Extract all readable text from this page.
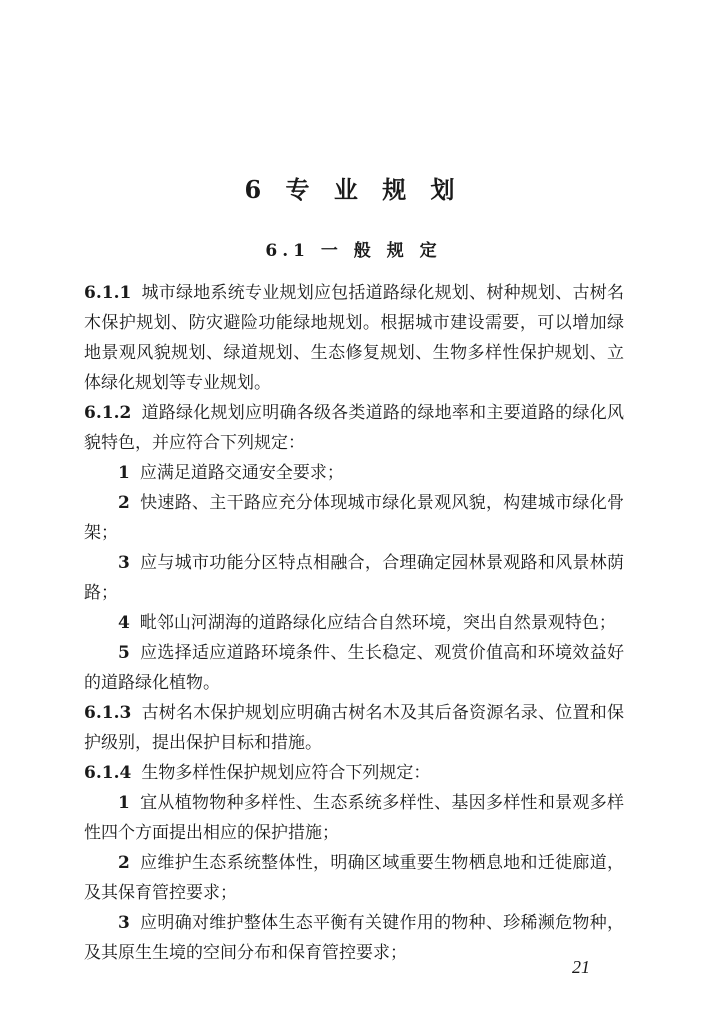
6 专 业 规 划
6.1 一 般 规 定

6.1.1 城市绿地系统专业规划应包括道路绿化规划、树种规划、古树名木保护规划、防灾避险功能绿地规划。根据城市建设需要，可以增加绿地景观风貌规划、绿道规划、生态修复规划、生物多样性保护规划、立体绿化规划等专业规划。

6.1.2 道路绿化规划应明确各级各类道路的绿地率和主要道路的绿化风貌特色，并应符合下列规定：

1 应满足道路交通安全要求；

2 快速路、主干路应充分体现城市绿化景观风貌，构建城市绿化骨架；

3 应与城市功能分区特点相融合，合理确定园林景观路和风景林荫路；

4 毗邻山河湖海的道路绿化应结合自然环境，突出自然景观特色；

5 应选择适应道路环境条件、生长稳定、观赏价值高和环境效益好的道路绿化植物。

6.1.3 古树名木保护规划应明确古树名木及其后备资源名录、位置和保护级别，提出保护目标和措施。

6.1.4 生物多样性保护规划应符合下列规定：

1 宜从植物物种多样性、生态系统多样性、基因多样性和景观多样性四个方面提出相应的保护措施；

2 应维护生态系统整体性，明确区域重要生物栖息地和迁徙廊道，及其保育管控要求；

3 应明确对维护整体生态平衡有关键作用的物种、珍稀濒危物种，及其原生生境的空间分布和保育管控要求；

21
